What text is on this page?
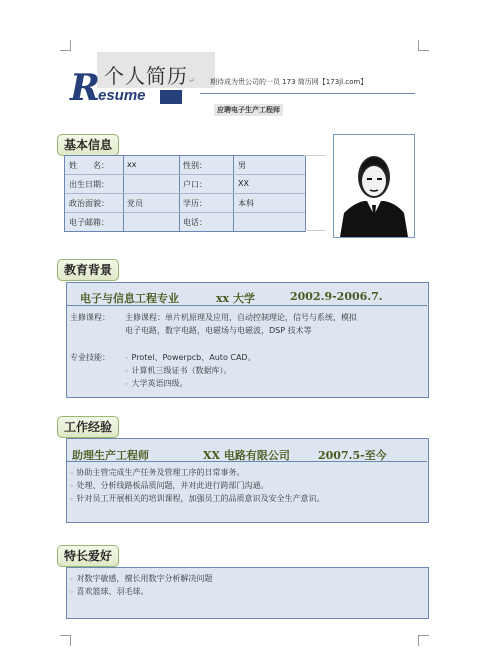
个人简历↵
R
esume
期待成为贵公司的一员 173 简历网【173jl.com】
应聘电子生产工程师
基本信息
姓　　名： xx	性别：	男
出生日期：	户口：	XX
政治面貌： 党员	学历：	本科
电子邮箱：	电话：
教育背景
电子与信息工程专业	xx 大学	2002.9-2006.7.
主修课程： 主修课程：单片机原理及应用，自动控制理论，信号与系统，模拟
电子电路，数字电路，电磁场与电磁波，DSP 技术等
专业技能：	◦ Protel、Powerpcb、Auto CAD。
◦ 计算机三级证书（数据库）。
◦ 大学英语四级。
工作经验
助理生产工程师	XX 电路有限公司	2007.5-至今
◦ 协助主管完成生产任务及管理工序的日常事务。
◦ 处理、分析线路板品质问题，并对此进行跨部门沟通。
◦ 针对员工开展相关的培训课程，加强员工的品质意识及安全生产意识。
特长爱好
◦ 对数字敏感，擅长用数字分析解决问题
◦ 喜欢篮球、羽毛球。
